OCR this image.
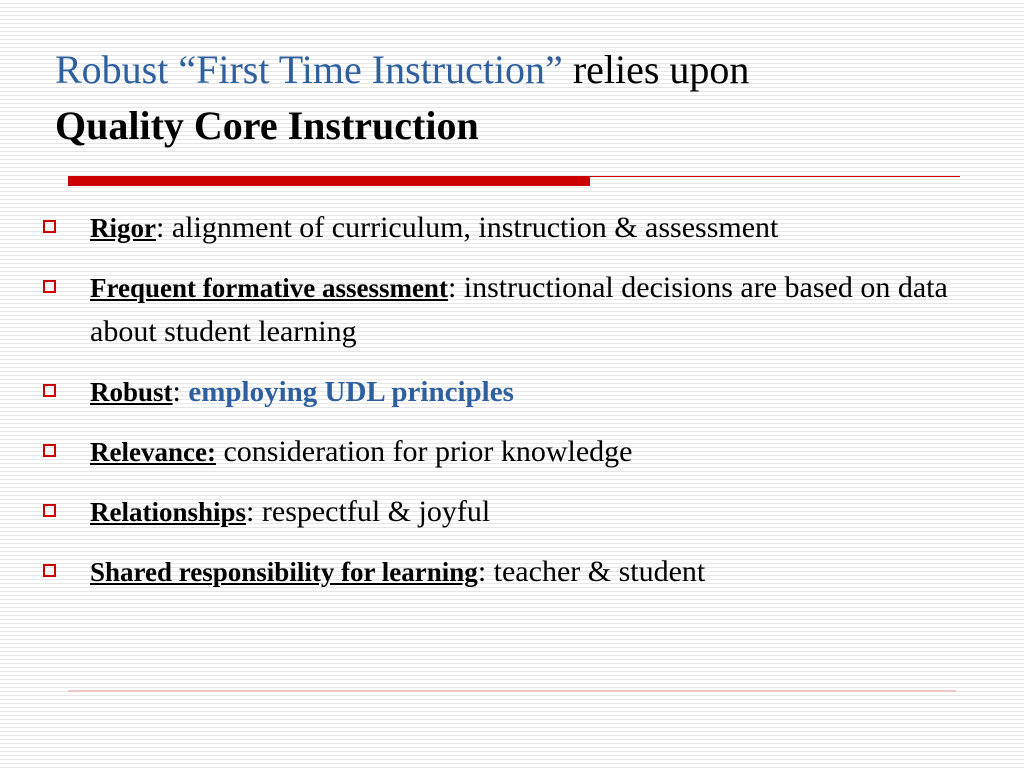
Robust “First Time Instruction” relies upon
Quality Core Instruction
Rigor: alignment of curriculum, instruction & assessment
Frequent formative assessment: instructional decisions are based on data about student learning
Robust: employing UDL principles
Relevance: consideration for prior knowledge
Relationships: respectful & joyful
Shared responsibility for learning: teacher & student
